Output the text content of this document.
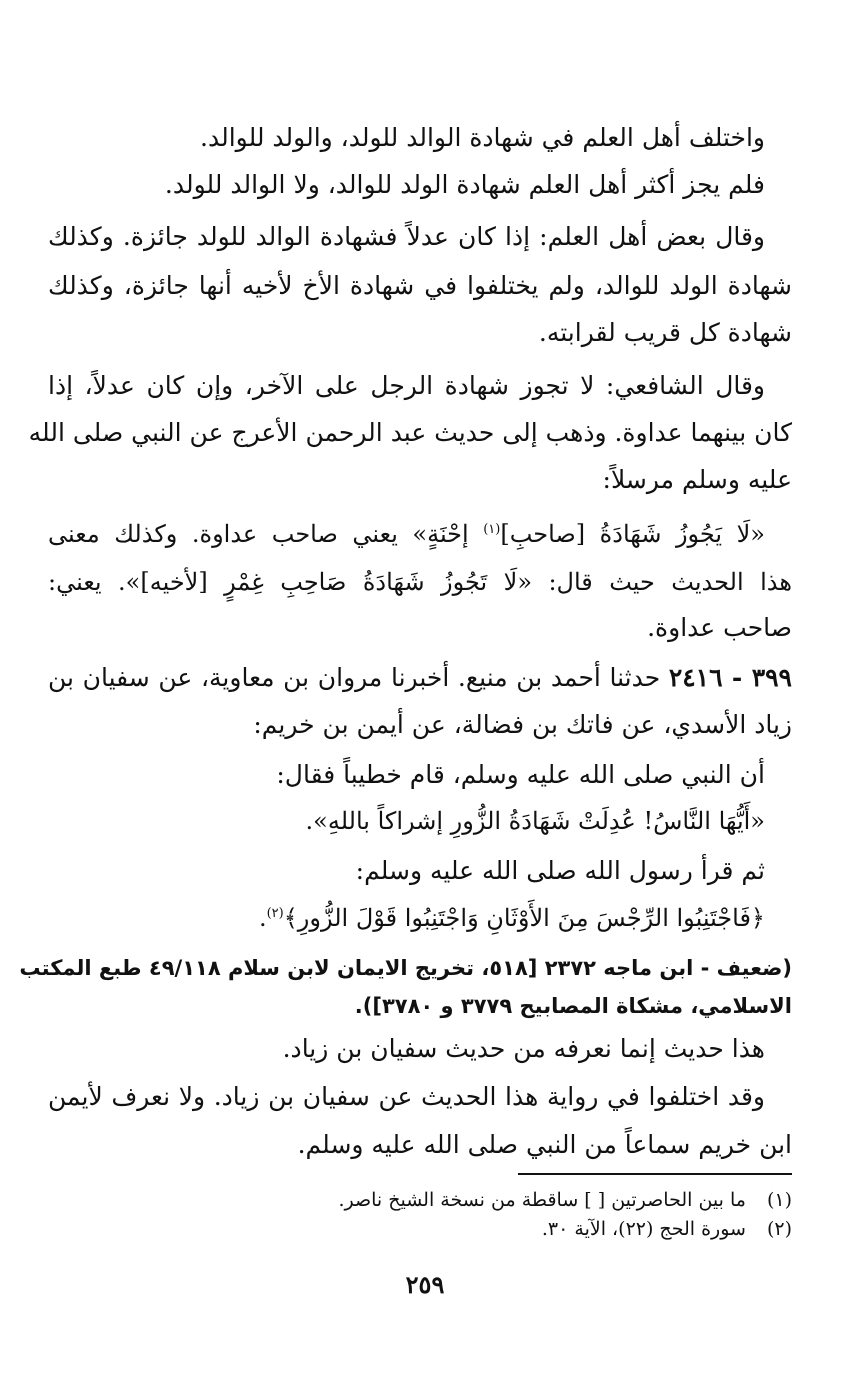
واختلف أهل العلم في شهادة الوالد للولد، والولد للوالد.
فلم يجز أكثر أهل العلم شهادة الولد للوالد، ولا الوالد للولد.
وقال بعض أهل العلم: إذا كان عدلاً فشهادة الوالد للولد جائزة. وكذلك
شهادة الولد للوالد، ولم يختلفوا في شهادة الأخ لأخيه أنها جائزة، وكذلك
شهادة كل قريب لقرابته.
وقال الشافعي: لا تجوز شهادة الرجل على الآخر، وإن كان عدلاً، إذا
كان بينهما عداوة. وذهب إلى حديث عبد الرحمن الأعرج عن النبي صلى الله
عليه وسلم مرسلاً:
«لَا يَجُوزُ شَهَادَةُ [صاحبِ]$^{(١)}$ إحْنَةٍ» يعني صاحب عداوة. وكذلك معنى
هذا الحديث حيث قال: «لَا تَجُوزُ شَهَادَةُ صَاحِبِ غِمْرٍ [لأخيه]». يعني:
صاحب عداوة.
٣٩٩ - ٢٤١٦ حدثنا أحمد بن منيع. أخبرنا مروان بن معاوية، عن سفيان بن
زياد الأسدي، عن فاتك بن فضالة، عن أيمن بن خريم:
أن النبي صلى الله عليه وسلم، قام خطيباً فقال:
«أَيُّهَا النَّاسُ! عُدِلَتْ شَهَادَةُ الزُّورِ إشراكاً باللهِ».
ثم قرأ رسول الله صلى الله عليه وسلم:
﴿فَاجْتَنِبُوا الرِّجْسَ مِنَ الأَوْثَانِ وَاجْتَنِبُوا قَوْلَ الزُّورِ﴾$^{(٢)}$.
(ضعيف - ابن ماجه ٢٣٧٢ [٥١٨، تخريج الايمان لابن سلام ٤٩/١١٨ طبع المكتب
الاسلامي، مشكاة المصابيح ٣٧٧٩ و ٣٧٨٠]).
هذا حديث إنما نعرفه من حديث سفيان بن زياد.
وقد اختلفوا في رواية هذا الحديث عن سفيان بن زياد. ولا نعرف لأيمن
ابن خريم سماعاً من النبي صلى الله عليه وسلم.
(١) ما بين الحاصرتين [ ] ساقطة من نسخة الشيخ ناصر.
(٢) سورة الحج (٢٢)، الآية ٣٠.
٢٥٩
